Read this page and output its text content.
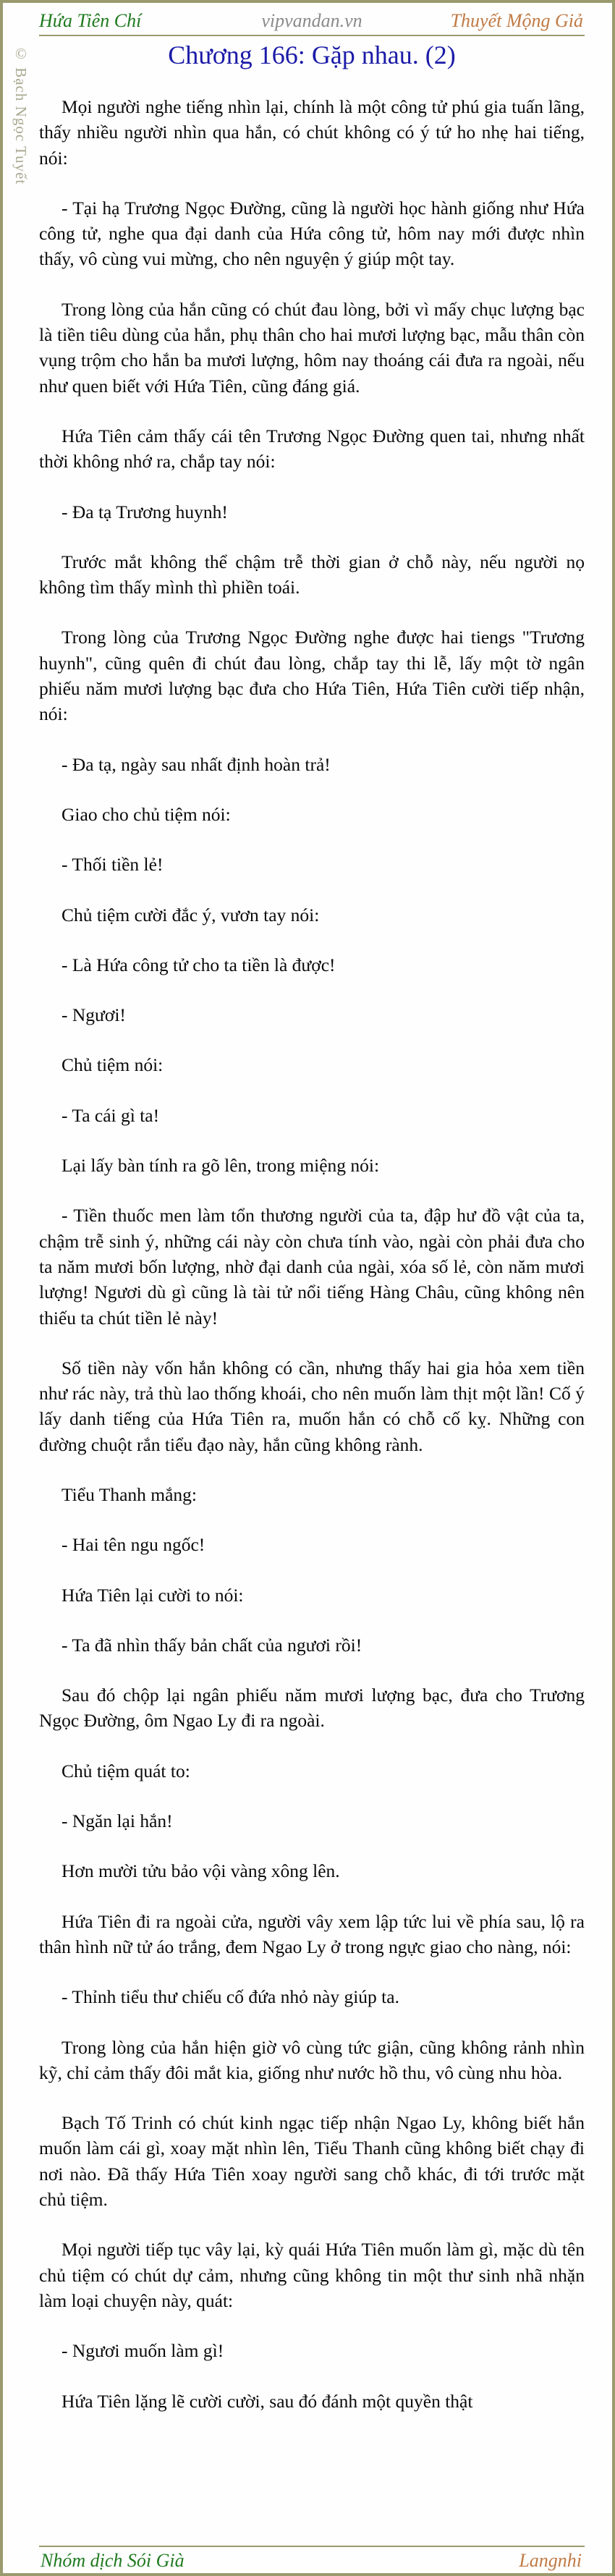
Hứa Tiên Chí	vipvandan.vn	Thuyết Mộng Giả
© Bạch Ngọc Tuyết	Chương 166: Gặp nhau. (2)

Mọi người nghe tiếng nhìn lại, chính là một công tử phú gia tuấn lãng, thấy nhiều người nhìn qua hắn, có chút không có ý tứ ho nhẹ hai tiếng, nói:

- Tại hạ Trương Ngọc Đường, cũng là người học hành giống như Hứa công tử, nghe qua đại danh của Hứa công tử, hôm nay mới được nhìn thấy, vô cùng vui mừng, cho nên nguyện ý giúp một tay.

Trong lòng của hắn cũng có chút đau lòng, bởi vì mấy chục lượng bạc là tiền tiêu dùng của hắn, phụ thân cho hai mươi lượng bạc, mẫu thân còn vụng trộm cho hắn ba mươi lượng, hôm nay thoáng cái đưa ra ngoài, nếu như quen biết với Hứa Tiên, cũng đáng giá.

Hứa Tiên cảm thấy cái tên Trương Ngọc Đường quen tai, nhưng nhất thời không nhớ ra, chắp tay nói:

- Đa tạ Trương huynh!

Trước mắt không thể chậm trễ thời gian ở chỗ này, nếu người nọ không tìm thấy mình thì phiền toái.

Trong lòng của Trương Ngọc Đường nghe được hai tiengs "Trương huynh", cũng quên đi chút đau lòng, chắp tay thi lễ, lấy một tờ ngân phiếu năm mươi lượng bạc đưa cho Hứa Tiên, Hứa Tiên cười tiếp nhận, nói:

- Đa tạ, ngày sau nhất định hoàn trả!

Giao cho chủ tiệm nói:

- Thối tiền lẻ!

Chủ tiệm cười đắc ý, vươn tay nói:

- Là Hứa công tử cho ta tiền là được!

- Ngươi!

Chủ tiệm nói:

- Ta cái gì ta!

Lại lấy bàn tính ra gõ lên, trong miệng nói:

- Tiền thuốc men làm tổn thương người của ta, đập hư đồ vật của ta, chậm trễ sinh ý, những cái này còn chưa tính vào, ngài còn phải đưa cho ta năm mươi bốn lượng, nhờ đại danh của ngài, xóa số lẻ, còn năm mươi lượng! Ngươi dù gì cũng là tài tử nổi tiếng Hàng Châu, cũng không nên thiếu ta chút tiền lẻ này!

Số tiền này vốn hắn không có cần, nhưng thấy hai gia hỏa xem tiền như rác này, trả thù lao thống khoái, cho nên muốn làm thịt một lần! Cố ý lấy danh tiếng của Hứa Tiên ra, muốn hắn có chỗ cố kỵ. Những con đường chuột rắn tiểu đạo này, hắn cũng không rành.

Tiểu Thanh mắng:

- Hai tên ngu ngốc!

Hứa Tiên lại cười to nói:

- Ta đã nhìn thấy bản chất của ngươi rồi!

Sau đó chộp lại ngân phiếu năm mươi lượng bạc, đưa cho Trương Ngọc Đường, ôm Ngao Ly đi ra ngoài.

Chủ tiệm quát to:

- Ngăn lại hắn!

Hơn mười tửu bảo vội vàng xông lên.

Hứa Tiên đi ra ngoài cửa, người vây xem lập tức lui về phía sau, lộ ra thân hình nữ tử áo trắng, đem Ngao Ly ở trong ngực giao cho nàng, nói:

- Thỉnh tiểu thư chiếu cố đứa nhỏ này giúp ta.

Trong lòng của hắn hiện giờ vô cùng tức giận, cũng không rảnh nhìn kỹ, chỉ cảm thấy đôi mắt kia, giống như nước hồ thu, vô cùng nhu hòa.

Bạch Tố Trinh có chút kinh ngạc tiếp nhận Ngao Ly, không biết hắn muốn làm cái gì, xoay mặt nhìn lên, Tiểu Thanh cũng không biết chạy đi nơi nào. Đã thấy Hứa Tiên xoay người sang chỗ khác, đi tới trước mặt chủ tiệm.

Mọi người tiếp tục vây lại, kỳ quái Hứa Tiên muốn làm gì, mặc dù tên chủ tiệm có chút dự cảm, nhưng cũng không tin một thư sinh nhã nhặn làm loại chuyện này, quát:

- Ngươi muốn làm gì!

Hứa Tiên lặng lẽ cười cười, sau đó đánh một quyền thật

Nhóm dịch Sói Già	Langnhi
